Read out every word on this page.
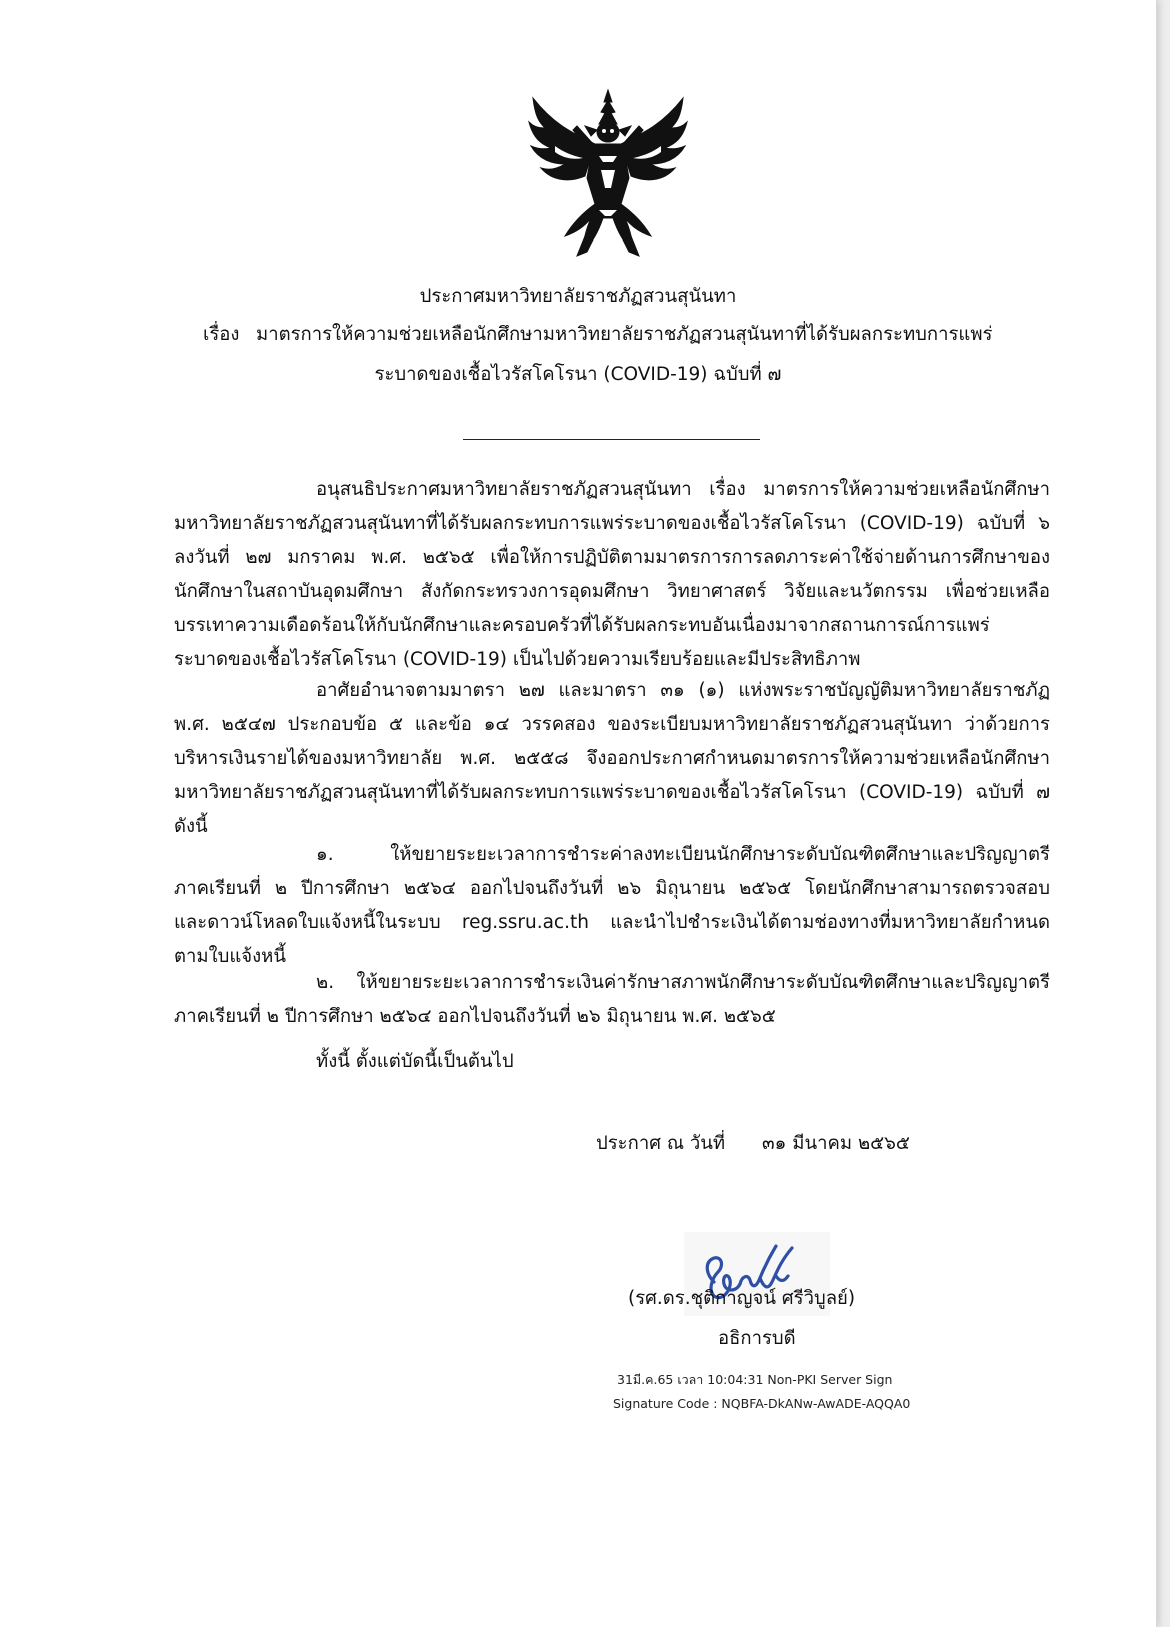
ประกาศมหาวิทยาลัยราชภัฏสวนสุนันทา
เรื่อง มาตรการให้ความช่วยเหลือนักศึกษามหาวิทยาลัยราชภัฏสวนสุนันทาที่ได้รับผลกระทบการแพร่
ระบาดของเชื้อไวรัสโคโรนา (COVID-19) ฉบับที่ ๗
อนุสนธิประกาศมหาวิทยาลัยราชภัฏสวนสุนันทา เรื่อง มาตรการให้ความช่วยเหลือนักศึกษา
มหาวิทยาลัยราชภัฏสวนสุนันทาที่ได้รับผลกระทบการแพร่ระบาดของเชื้อไวรัสโคโรนา (COVID-19) ฉบับที่ ๖
ลงวันที่ ๒๗ มกราคม พ.ศ. ๒๕๖๕ เพื่อให้การปฏิบัติตามมาตรการการลดภาระค่าใช้จ่ายด้านการศึกษาของ
นักศึกษาในสถาบันอุดมศึกษา สังกัดกระทรวงการอุดมศึกษา วิทยาศาสตร์ วิจัยและนวัตกรรม เพื่อช่วยเหลือ
บรรเทาความเดือดร้อนให้กับนักศึกษาและครอบครัวที่ได้รับผลกระทบอันเนื่องมาจากสถานการณ์การแพร่
ระบาดของเชื้อไวรัสโคโรนา (COVID-19) เป็นไปด้วยความเรียบร้อยและมีประสิทธิภาพ
อาศัยอำนาจตามมาตรา ๒๗ และมาตรา ๓๑ (๑) แห่งพระราชบัญญัติมหาวิทยาลัยราชภัฏ
พ.ศ. ๒๕๔๗ ประกอบข้อ ๕ และข้อ ๑๔ วรรคสอง ของระเบียบมหาวิทยาลัยราชภัฏสวนสุนันทา ว่าด้วยการ
บริหารเงินรายได้ของมหาวิทยาลัย พ.ศ. ๒๕๕๘ จึงออกประกาศกำหนดมาตรการให้ความช่วยเหลือนักศึกษา
มหาวิทยาลัยราชภัฏสวนสุนันทาที่ได้รับผลกระทบการแพร่ระบาดของเชื้อไวรัสโคโรนา (COVID-19) ฉบับที่ ๗
ดังนี้
๑. ให้ขยายระยะเวลาการชำระค่าลงทะเบียนนักศึกษาระดับบัณฑิตศึกษาและปริญญาตรี
ภาคเรียนที่ ๒ ปีการศึกษา ๒๕๖๔ ออกไปจนถึงวันที่ ๒๖ มิถุนายน ๒๕๖๕ โดยนักศึกษาสามารถตรวจสอบ
และดาวน์โหลดใบแจ้งหนี้ในระบบ reg.ssru.ac.th และนำไปชำระเงินได้ตามช่องทางที่มหาวิทยาลัยกำหนด
ตามใบแจ้งหนี้
๒. ให้ขยายระยะเวลาการชำระเงินค่ารักษาสภาพนักศึกษาระดับบัณฑิตศึกษาและปริญญาตรี
ภาคเรียนที่ ๒ ปีการศึกษา ๒๕๖๔ ออกไปจนถึงวันที่ ๒๖ มิถุนายน พ.ศ. ๒๕๖๕
ทั้งนี้ ตั้งแต่บัดนี้เป็นต้นไป
ประกาศ ณ วันที่ ๓๑ มีนาคม ๒๕๖๕
(รศ.ดร.ชุติกาญจน์ ศรีวิบูลย์)
อธิการบดี
31มี.ค.65 เวลา 10:04:31 Non-PKI Server Sign
Signature Code : NQBFA-DkANw-AwADE-AQQA0
